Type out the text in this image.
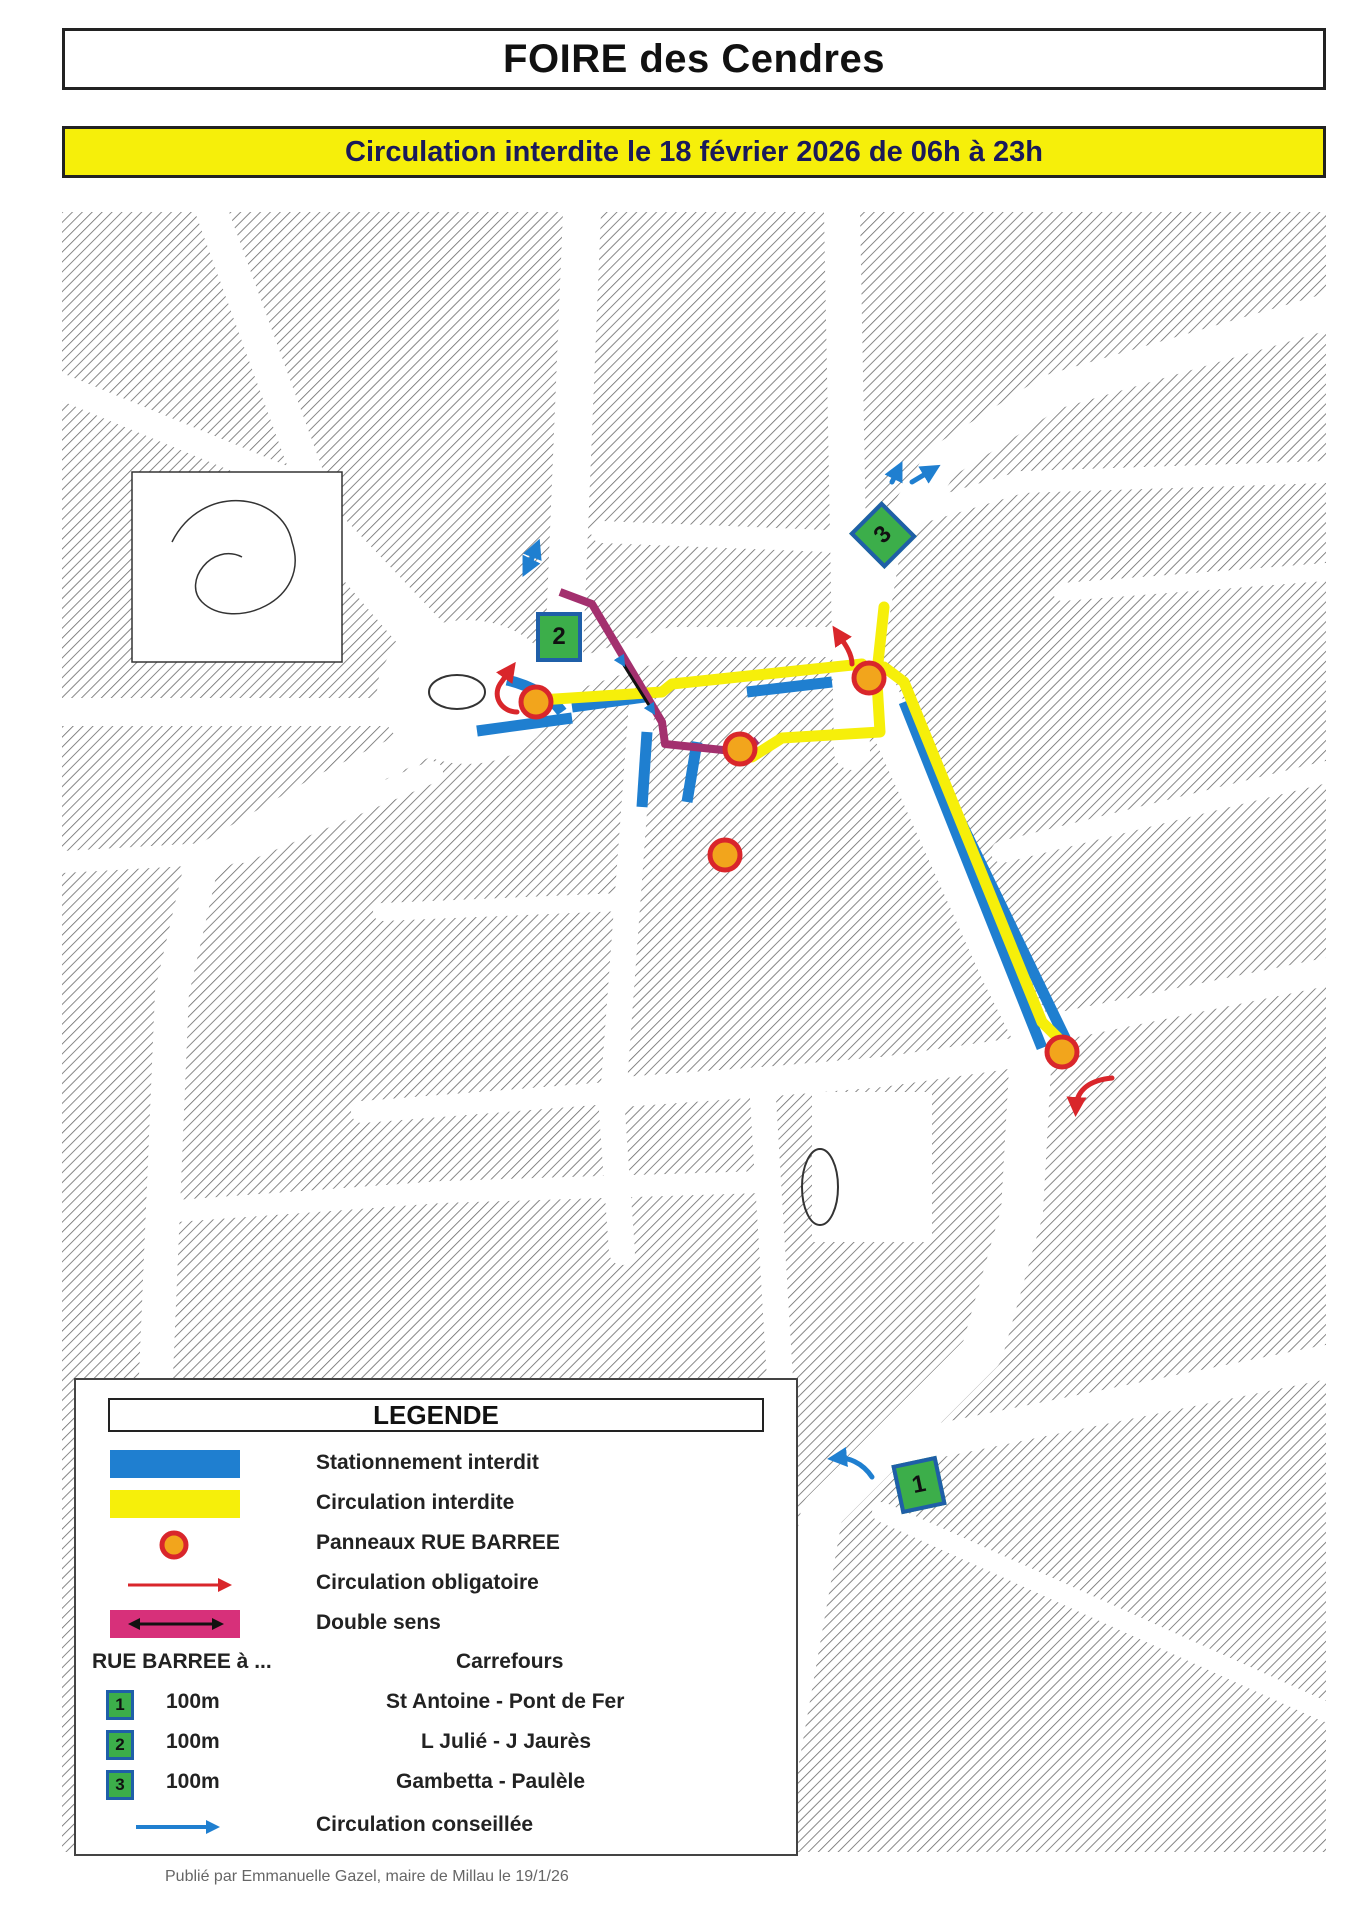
FOIRE des Cendres
Circulation interdite le 18 février 2026 de 06h à 23h
2
3
1
LEGENDE
Stationnement interdit
Circulation interdite
Panneaux RUE BARREE
Circulation obligatoire
Double sens
RUE BARREE à ...	Carrefours
1	100m	St Antoine - Pont de Fer
2	100m	L Julié - J Jaurès
3	100m	Gambetta - Paulèle
Circulation conseillée
Publié par Emmanuelle Gazel, maire de Millau le 19/1/26
